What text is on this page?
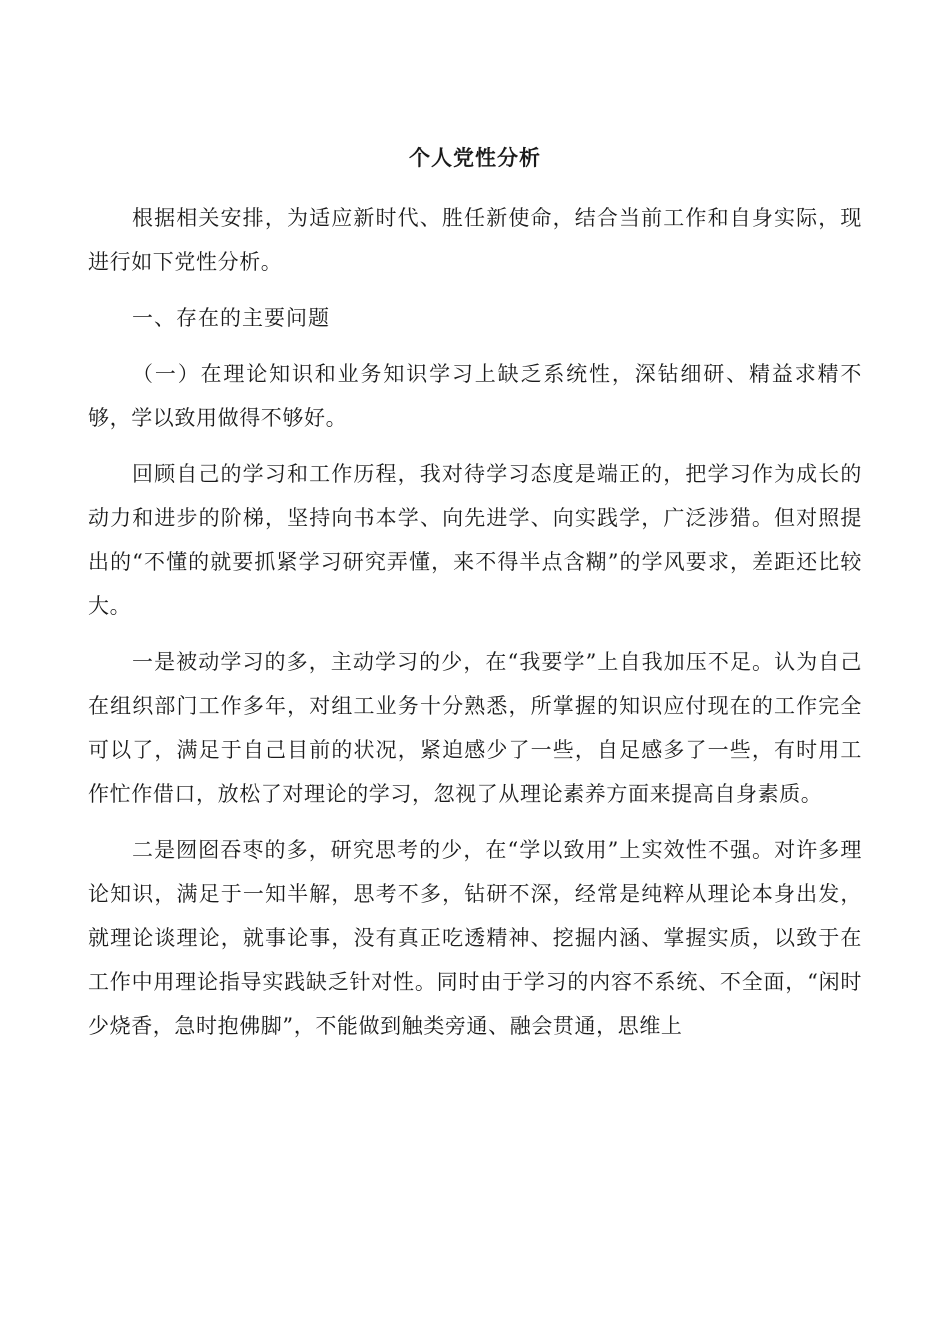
个人党性分析

根据相关安排，为适应新时代、胜任新使命，结合当前工作和自身实际，现进行如下党性分析。

一、存在的主要问题

（一）在理论知识和业务知识学习上缺乏系统性，深钻细研、精益求精不够，学以致用做得不够好。

回顾自己的学习和工作历程，我对待学习态度是端正的，把学习作为成长的动力和进步的阶梯，坚持向书本学、向先进学、向实践学，广泛涉猎。但对照提出的“不懂的就要抓紧学习研究弄懂，来不得半点含糊”的学风要求，差距还比较大。

一是被动学习的多，主动学习的少，在“我要学”上自我加压不足。认为自己在组织部门工作多年，对组工业务十分熟悉，所掌握的知识应付现在的工作完全可以了，满足于自己目前的状况，紧迫感少了一些，自足感多了一些，有时用工作忙作借口，放松了对理论的学习，忽视了从理论素养方面来提高自身素质。

二是囫囵吞枣的多，研究思考的少，在“学以致用”上实效性不强。对许多理论知识，满足于一知半解，思考不多，钻研不深，经常是纯粹从理论本身出发，就理论谈理论，就事论事，没有真正吃透精神、挖掘内涵、掌握实质，以致于在工作中用理论指导实践缺乏针对性。同时由于学习的内容不系统、不全面，“闲时少烧香，急时抱佛脚”，不能做到触类旁通、融会贯通，思维上
